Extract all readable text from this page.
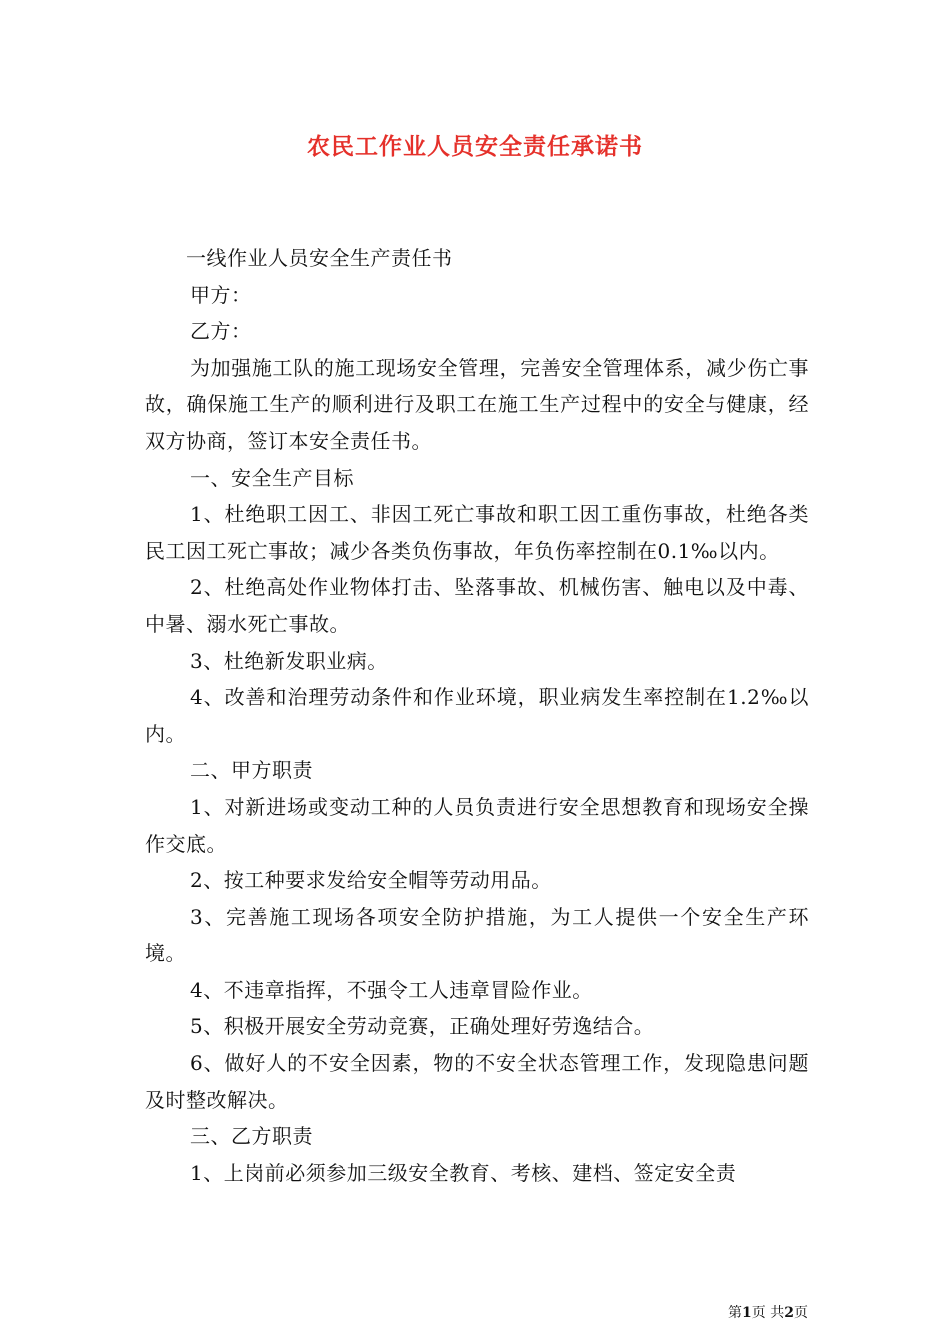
农民工作业人员安全责任承诺书

一线作业人员安全生产责任书

甲方：

乙方：

为加强施工队的施工现场安全管理，完善安全管理体系，减少伤亡事故，确保施工生产的顺利进行及职工在施工生产过程中的安全与健康，经双方协商，签订本安全责任书。

一、安全生产目标

1、杜绝职工因工、非因工死亡事故和职工因工重伤事故，杜绝各类民工因工死亡事故；减少各类负伤事故，年负伤率控制在0.1‰以内。

2、杜绝高处作业物体打击、坠落事故、机械伤害、触电以及中毒、中暑、溺水死亡事故。

3、杜绝新发职业病。

4、改善和治理劳动条件和作业环境，职业病发生率控制在1.2‰以内。

二、甲方职责

1、对新进场或变动工种的人员负责进行安全思想教育和现场安全操作交底。

2、按工种要求发给安全帽等劳动用品。

3、完善施工现场各项安全防护措施，为工人提供一个安全生产环境。

4、不违章指挥，不强令工人违章冒险作业。

5、积极开展安全劳动竞赛，正确处理好劳逸结合。

6、做好人的不安全因素，物的不安全状态管理工作，发现隐患问题及时整改解决。

三、乙方职责

1、上岗前必须参加三级安全教育、考核、建档、签定安全责

第1页 共2页
